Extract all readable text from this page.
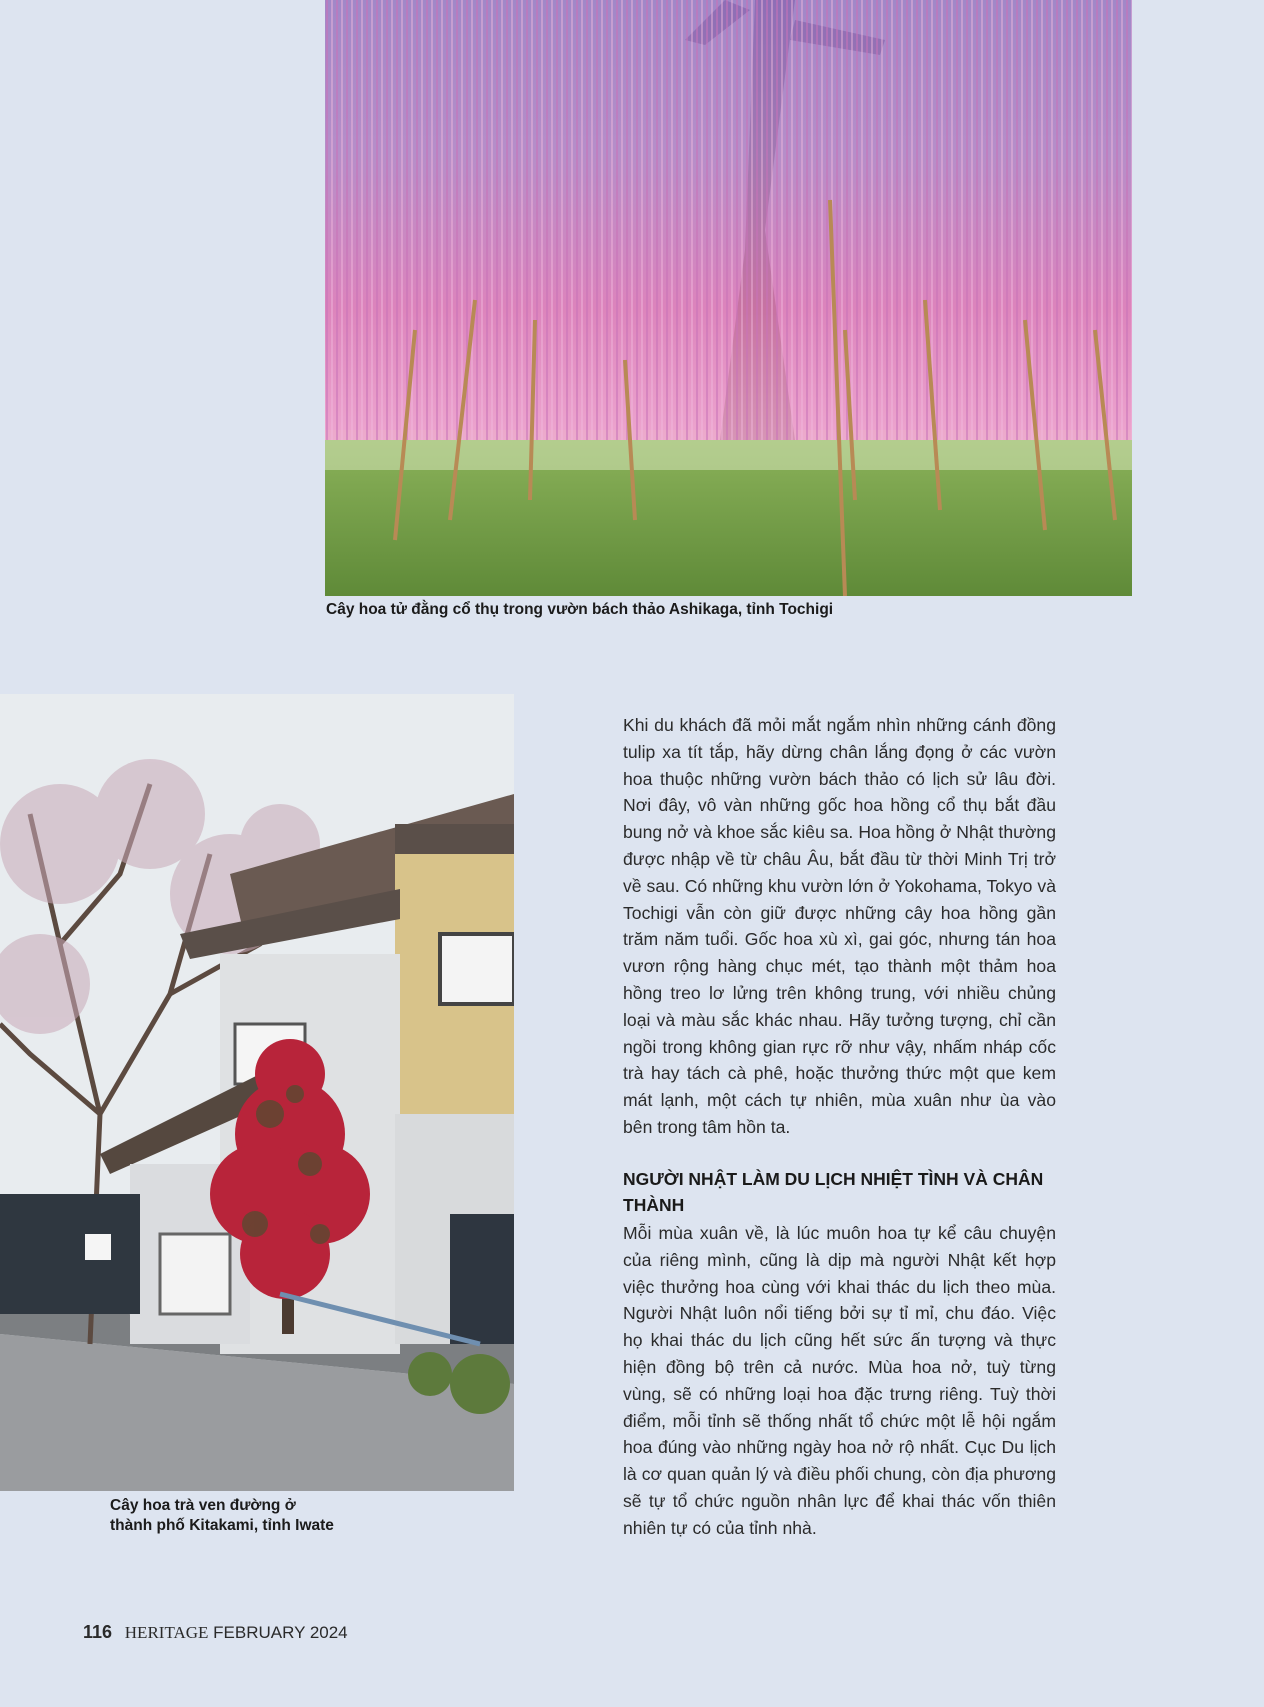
Cây hoa tử đằng cổ thụ trong vườn bách thảo Ashikaga, tỉnh Tochigi
Cây hoa trà ven đường ở
thành phố Kitakami, tỉnh Iwate

Khi du khách đã mỏi mắt ngắm nhìn những cánh đồng tulip xa tít tắp, hãy dừng chân lắng đọng ở các vườn hoa thuộc những vườn bách thảo có lịch sử lâu đời. Nơi đây, vô vàn những gốc hoa hồng cổ thụ bắt đầu bung nở và khoe sắc kiêu sa. Hoa hồng ở Nhật thường được nhập về từ châu Âu, bắt đầu từ thời Minh Trị trở về sau. Có những khu vườn lớn ở Yokohama, Tokyo và Tochigi vẫn còn giữ được những cây hoa hồng gần trăm năm tuổi. Gốc hoa xù xì, gai góc, nhưng tán hoa vươn rộng hàng chục mét, tạo thành một thảm hoa hồng treo lơ lửng trên không trung, với nhiều chủng loại và màu sắc khác nhau. Hãy tưởng tượng, chỉ cần ngồi trong không gian rực rỡ như vậy, nhấm nháp cốc trà hay tách cà phê, hoặc thưởng thức một que kem mát lạnh, một cách tự nhiên, mùa xuân như ùa vào bên trong tâm hồn ta.

NGƯỜI NHẬT LÀM DU LỊCH NHIỆT TÌNH VÀ CHÂN THÀNH

Mỗi mùa xuân về, là lúc muôn hoa tự kể câu chuyện của riêng mình, cũng là dịp mà người Nhật kết hợp việc thưởng hoa cùng với khai thác du lịch theo mùa. Người Nhật luôn nổi tiếng bởi sự tỉ mỉ, chu đáo. Việc họ khai thác du lịch cũng hết sức ấn tượng và thực hiện đồng bộ trên cả nước. Mùa hoa nở, tuỳ từng vùng, sẽ có những loại hoa đặc trưng riêng. Tuỳ thời điểm, mỗi tỉnh sẽ thống nhất tổ chức một lễ hội ngắm hoa đúng vào những ngày hoa nở rộ nhất. Cục Du lịch là cơ quan quản lý và điều phối chung, còn địa phương sẽ tự tổ chức nguồn nhân lực để khai thác vốn thiên nhiên tự có của tỉnh nhà.

116 HERITAGE FEBRUARY 2024
